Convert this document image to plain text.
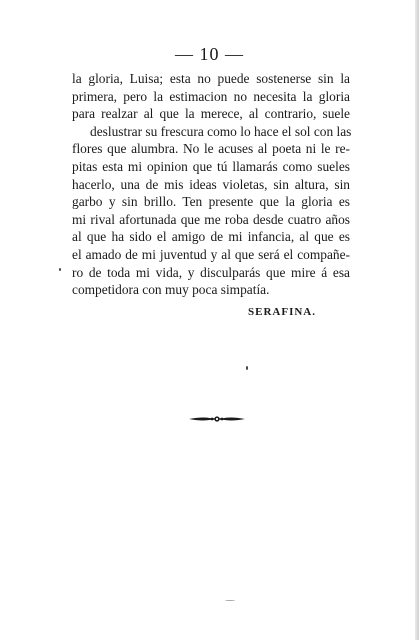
— 10 —
la gloria, Luisa; esta no puede sostenerse sin la
primera, pero la estimacion no necesita la gloria
para realzar al que la merece, al contrario, suele
deslustrar su frescura como lo hace el sol con las
flores que alumbra. No le acuses al poeta ni le re-
pitas esta mi opinion que tú llamarás como sueles
hacerlo, una de mis ideas violetas, sin altura, sin
garbo y sin brillo. Ten presente que la gloria es
mi rival afortunada que me roba desde cuatro años
al que ha sido el amigo de mi infancia, al que es
el amado de mi juventud y al que será el compañe-
ro de toda mi vida, y disculparás que mire á esa
competidora con muy poca simpatía.
SERAFINA.
